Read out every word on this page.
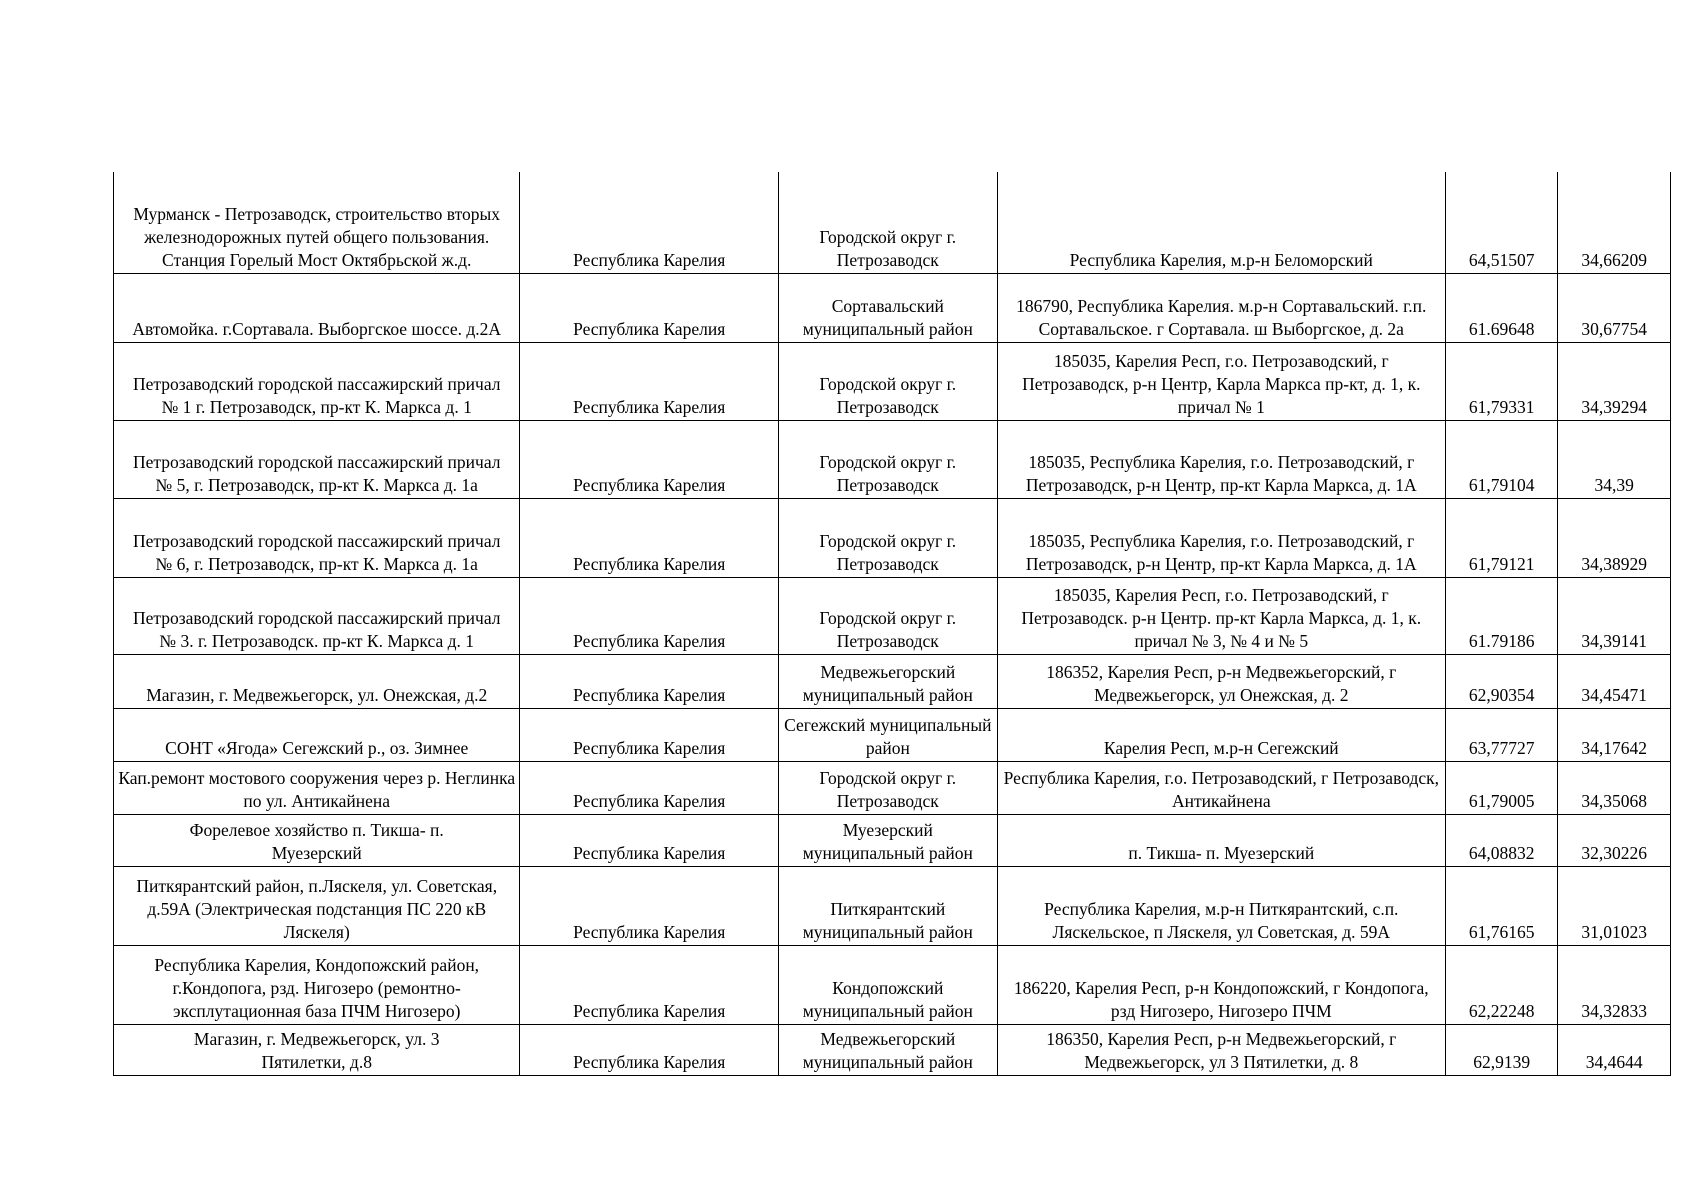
Мурманск - Петрозаводск, строительство вторых железнодорожных путей общего пользования. Станция Горелый Мост Октябрьской ж.д.	Республика Карелия	Городской округ г. Петрозаводск	Республика Карелия, м.р-н Беломорский	64,51507	34,66209
Автомойка. г.Сортавала. Выборгское шоссе. д.2А	Республика Карелия	Сортавальский муниципальный район	186790, Республика Карелия. м.р-н Сортавальский. г.п. Сортавальское. г Сортавала. ш Выборгское, д. 2а	61.69648	30,67754
Петрозаводский городской пассажирский причал № 1 г. Петрозаводск, пр-кт К. Маркса д. 1	Республика Карелия	Городской округ г. Петрозаводск	185035, Карелия Респ, г.о. Петрозаводский, г Петрозаводск, р-н Центр, Карла Маркса пр-кт, д. 1, к. причал № 1	61,79331	34,39294
Петрозаводский городской пассажирский причал № 5, г. Петрозаводск, пр-кт К. Маркса д. 1а	Республика Карелия	Городской округ г. Петрозаводск	185035, Республика Карелия, г.о. Петрозаводский, г Петрозаводск, р-н Центр, пр-кт Карла Маркса, д. 1А	61,79104	34,39
Петрозаводский городской пассажирский причал № 6, г. Петрозаводск, пр-кт К. Маркса д. 1а	Республика Карелия	Городской округ г. Петрозаводск	185035, Республика Карелия, г.о. Петрозаводский, г Петрозаводск, р-н Центр, пр-кт Карла Маркса, д. 1А	61,79121	34,38929
Петрозаводский городской пассажирский причал № 3. г. Петрозаводск. пр-кт К. Маркса д. 1	Республика Карелия	Городской округ г. Петрозаводск	185035, Карелия Респ, г.о. Петрозаводский, г Петрозаводск. р-н Центр. пр-кт Карла Маркса, д. 1, к. причал № 3, № 4 и № 5	61.79186	34,39141
Магазин, г. Медвежьегорск, ул. Онежская, д.2	Республика Карелия	Медвежьегорский муниципальный район	186352, Карелия Респ, р-н Медвежьегорский, г Медвежьегорск, ул Онежская, д. 2	62,90354	34,45471
СОНТ «Ягода» Сегежский р., оз. Зимнее	Республика Карелия	Сегежский муниципальный район	Карелия Респ, м.р-н Сегежский	63,77727	34,17642
Кап.ремонт мостового сооружения через р. Неглинка по ул. Антикайнена	Республика Карелия	Городской округ г. Петрозаводск	Республика Карелия, г.о. Петрозаводский, г Петрозаводск, Антикайнена	61,79005	34,35068
Форелевое хозяйство п. Тикша- п. Муезерский	Республика Карелия	Муезерский муниципальный район	п. Тикша- п. Муезерский	64,08832	32,30226
Питкярантский район, п.Ляскеля, ул. Советская, д.59А (Электрическая подстанция ПС 220 кВ Ляскеля)	Республика Карелия	Питкярантский муниципальный район	Республика Карелия, м.р-н Питкярантский, с.п. Ляскельское, п Ляскеля, ул Советская, д. 59А	61,76165	31,01023
Республика Карелия, Кондопожский район, г.Кондопога, рзд. Нигозеро (ремонтно-эксплутационная база ПЧМ Нигозеро)	Республика Карелия	Кондопожский муниципальный район	186220, Карелия Респ, р-н Кондопожский, г Кондопога, рзд Нигозеро, Нигозеро ПЧМ	62,22248	34,32833
Магазин, г. Медвежьегорск, ул. 3 Пятилетки, д.8	Республика Карелия	Медвежьегорский муниципальный район	186350, Карелия Респ, р-н Медвежьегорский, г Медвежьегорск, ул 3 Пятилетки, д. 8	62,9139	34,4644
